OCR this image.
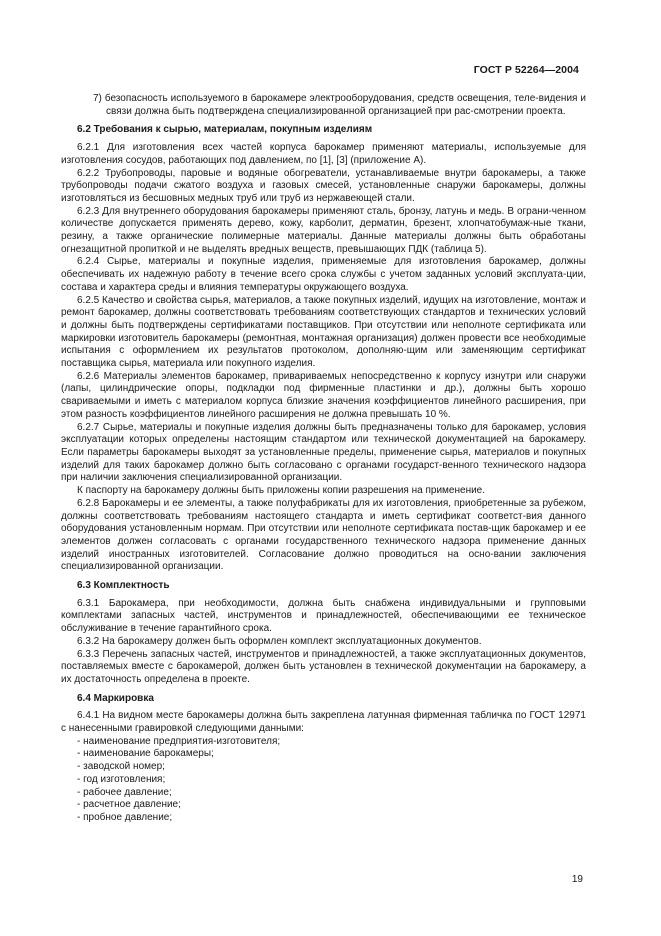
ГОСТ Р 52264—2004

7) безопасность используемого в барокамере электрооборудования, средств освещения, теле-видения и связи должна быть подтверждена специализированной организацией при рас-смотрении проекта.

6.2 Требования к сырью, материалам, покупным изделиям

6.2.1 Для изготовления всех частей корпуса барокамер применяют материалы, используемые для изготовления сосудов, работающих под давлением, по [1], [3] (приложение А).

6.2.2 Трубопроводы, паровые и водяные обогреватели, устанавливаемые внутри барокамеры, а также трубопроводы подачи сжатого воздуха и газовых смесей, установленные снаружи барокамеры, должны изготовляться из бесшовных медных труб или труб из нержавеющей стали.

6.2.3 Для внутреннего оборудования барокамеры применяют сталь, бронзу, латунь и медь. В ограни-ченном количестве допускается применять дерево, кожу, карболит, дерматин, брезент, хлопчатобумаж-ные ткани, резину, а также органические полимерные материалы. Данные материалы должны быть обработаны огнезащитной пропиткой и не выделять вредных веществ, превышающих ПДК (таблица 5).

6.2.4 Сырье, материалы и покупные изделия, применяемые для изготовления барокамер, должны обеспечивать их надежную работу в течение всего срока службы с учетом заданных условий эксплуата-ции, состава и характера среды и влияния температуры окружающего воздуха.

6.2.5 Качество и свойства сырья, материалов, а также покупных изделий, идущих на изготовление, монтаж и ремонт барокамер, должны соответствовать требованиям соответствующих стандартов и технических условий и должны быть подтверждены сертификатами поставщиков. При отсутствии или неполноте сертификата или маркировки изготовитель барокамеры (ремонтная, монтажная организация) должен провести все необходимые испытания с оформлением их результатов протоколом, дополняю-щим или заменяющим сертификат поставщика сырья, материала или покупного изделия.

6.2.6 Материалы элементов барокамер, привариваемых непосредственно к корпусу изнутри или снаружи (лапы, цилиндрические опоры, подкладки под фирменные пластинки и др.), должны быть хорошо свариваемыми и иметь с материалом корпуса близкие значения коэффициентов линейного расширения, при этом разность коэффициентов линейного расширения не должна превышать 10 %.

6.2.7 Сырье, материалы и покупные изделия должны быть предназначены только для барокамер, условия эксплуатации которых определены настоящим стандартом или технической документацией на барокамеру. Если параметры барокамеры выходят за установленные пределы, применение сырья, материалов и покупных изделий для таких барокамер должно быть согласовано с органами государст-венного технического надзора при наличии заключения специализированной организации.

К паспорту на барокамеру должны быть приложены копии разрешения на применение.

6.2.8 Барокамеры и ее элементы, а также полуфабрикаты для их изготовления, приобретенные за рубежом, должны соответствовать требованиям настоящего стандарта и иметь сертификат соответст-вия данного оборудования установленным нормам. При отсутствии или неполноте сертификата постав-щик барокамер и ее элементов должен согласовать с органами государственного технического надзора применение данных изделий иностранных изготовителей. Согласование должно проводиться на осно-вании заключения специализированной организации.

6.3 Комплектность

6.3.1 Барокамера, при необходимости, должна быть снабжена индивидуальными и групповыми комплектами запасных частей, инструментов и принадлежностей, обеспечивающими ее техническое обслуживание в течение гарантийного срока.

6.3.2 На барокамеру должен быть оформлен комплект эксплуатационных документов.

6.3.3 Перечень запасных частей, инструментов и принадлежностей, а также эксплуатационных документов, поставляемых вместе с барокамерой, должен быть установлен в технической документации на барокамеру, а их достаточность определена в проекте.

6.4 Маркировка

6.4.1 На видном месте барокамеры должна быть закреплена латунная фирменная табличка по ГОСТ 12971 с нанесенными гравировкой следующими данными:

- наименование предприятия-изготовителя;

- наименование барокамеры;

- заводской номер;

- год изготовления;

- рабочее давление;

- расчетное давление;

- пробное давление;

19
